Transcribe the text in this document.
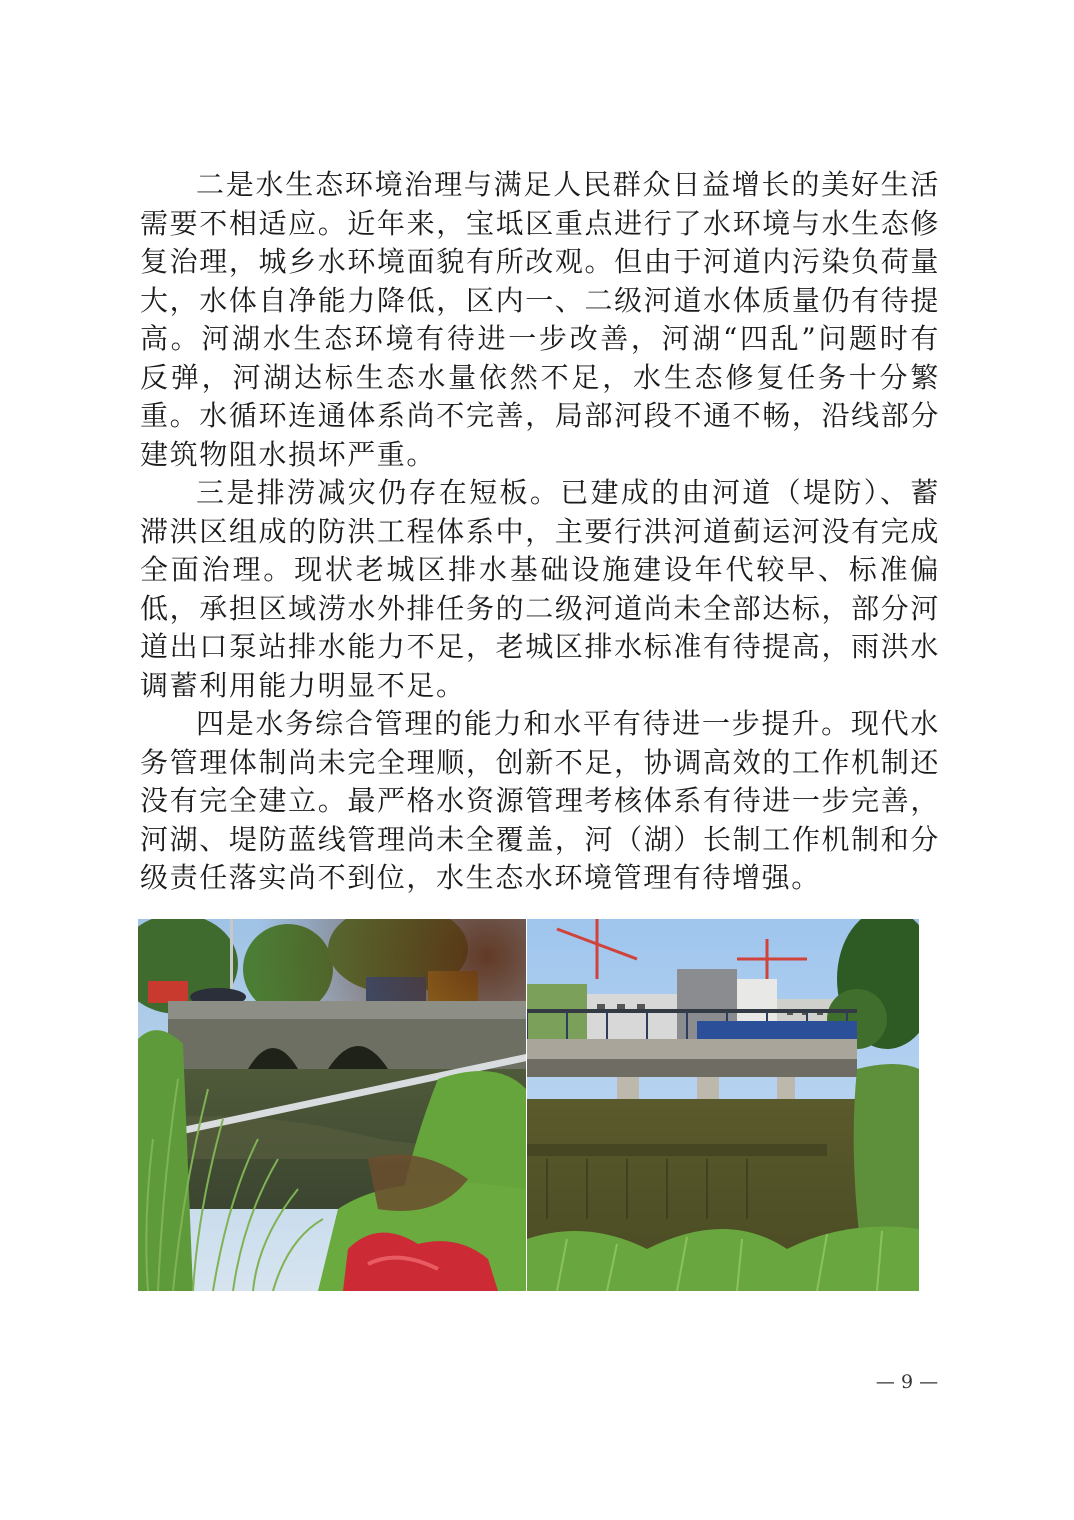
二是水生态环境治理与满足人民群众日益增长的美好生活需要不相适应。近年来，宝坻区重点进行了水环境与水生态修复治理，城乡水环境面貌有所改观。但由于河道内污染负荷量大，水体自净能力降低，区内一、二级河道水体质量仍有待提高。河湖水生态环境有待进一步改善，河湖“四乱”问题时有反弹，河湖达标生态水量依然不足，水生态修复任务十分繁重。水循环连通体系尚不完善，局部河段不通不畅，沿线部分建筑物阻水损坏严重。

三是排涝减灾仍存在短板。已建成的由河道（堤防）、蓄滞洪区组成的防洪工程体系中，主要行洪河道蓟运河没有完成全面治理。现状老城区排水基础设施建设年代较早、标准偏低，承担区域涝水外排任务的二级河道尚未全部达标，部分河道出口泵站排水能力不足，老城区排水标准有待提高，雨洪水调蓄利用能力明显不足。

四是水务综合管理的能力和水平有待进一步提升。现代水务管理体制尚未完全理顺，创新不足，协调高效的工作机制还没有完全建立。最严格水资源管理考核体系有待进一步完善，河湖、堤防蓝线管理尚未全覆盖，河（湖）长制工作机制和分级责任落实尚不到位，水生态水环境管理有待增强。

— 9 —
